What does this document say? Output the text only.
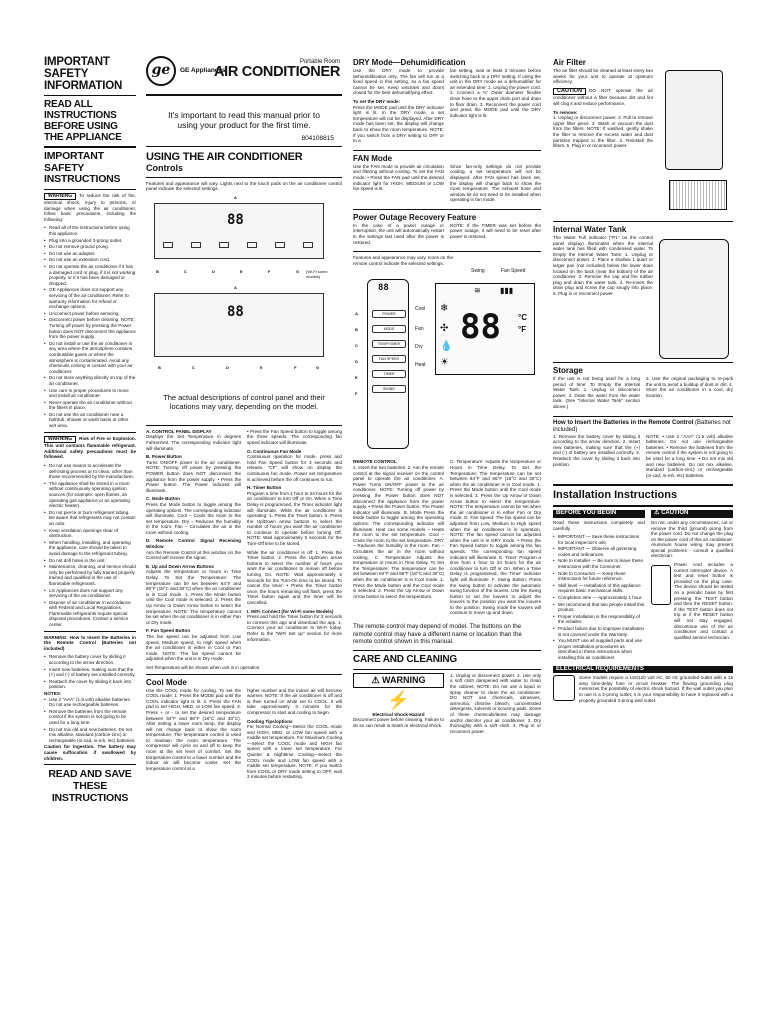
IMPORTANT SAFETY INFORMATION
READ ALL INSTRUCTIONS BEFORE USING THE APPLIANCE
IMPORTANT SAFETY INSTRUCTIONS
WARNING To reduce the risk of fire, electrical shock, injury to persons, or damage when using the air conditioner, follow basic precautions, including the following:
• Read all of the instructions before using this appliance.
• Plug into a grounded 3-prong outlet.
• Do not remove ground prong.
• Do not use an adapter.
• Do not use an extension cord.
• Do not operate the air conditioner if it has a damaged cord or plug, if it is not working properly, or if it has been damaged or dropped.
• GE Appliances does not support any servicing of the air conditioner. Refer to warranty information for refund or exchange options.
• Unconnect power before servicing.
• Disconnect power before cleaning. NOTE: Turning off power by pressing the Power button does NOT disconnect the appliance from the power supply.
• Do not install or use the air conditioner in any area where the atmosphere contains combustible gases or where the atmosphere is contaminated. Avoid any chemicals coming in contact with your air conditioner.
• Do not store anything directly on top of the air conditioner.
• Use care in proper procedures to move and install air conditioner.
• Never operate the air conditioner without the filters in place.
• Do not use the air conditioner near a bathtub, shower or wash basin or other wet area.
WARNING Risk of Fire or Explosion. This unit contains flammable refrigerant. Additional safety precautions must be followed.
• Do not use means to accelerate the defrosting process or to clean, other than those recommended by the manufacturer.
• The appliance shall be stored in a room without continuously operating ignition sources (for example: open flames, an operating gas appliance or an operating electric heater).
• Do not pierce or burn refrigerant tubing. Be aware that refrigerants may not contain an odor.
• Keep ventilation openings clear of obstruction.
• When handling, installing, and operating the appliance, care should be taken to avoid damage to the refrigerant tubing.
• Do not drill holes in the unit.
• Maintenance, cleaning, and service should only be performed by fully trained properly trained and qualified in the use of flammable refrigerants.
• LG Appliances does not support any servicing of the air conditioner.
• Dispose of air conditioner in accordance with Federal and Local Regulations. Flammable refrigerants require special disposal procedures. Contact a service center.
WARNING: How to Insert the Batteries in the Remote Control (Batteries not included)
• Remove the battery cover by sliding it according to the arrow direction.
• Insert new batteries, making sure that the (+) and (-) of battery are installed correctly.
• Reattach the cover by sliding it back into position.
NOTES:
• Use 2 "AAA" (1.5 volt) alkaline batteries. Do not use rechargeable batteries.
• Remove the batteries from the remote control if the system is not going to be used for a long time.
• Do not mix old and new batteries. Do not mix alkaline, standard (carbon-zinc) or rechargeable (ni-cad, ni-mh, etc) batteries.
Caution for Ingestion. The battery may cause suffocation if swallowed by children.
READ AND SAVE THESE INSTRUCTIONS
ge	GE Appliances
Portable Room
AIR CONDITIONER
It's important to read this manual prior to using your product for the first time.
804108815
USING THE AIR CONDITIONER
Controls
Features and appearance will vary. Lights next to the touch pads on the air conditioner control panel indicate the selected settings.
A
88
B	C	D	E	F	G (Wi-Fi some models)
A
88
B	C	D	E	F	G
The actual descriptions of control panel and their locations may vary, depending on the model.
A. CONTROL PANEL DISPLAY
Displays the Set Temperature in degrees Fahrenheit. The corresponding indicator light will illuminate.
B. Power Button
Turns ON/OFF power to the air conditioner. NOTE: Turning off power by pressing the POWER button does NOT disconnect the appliance from the power supply. • Press the Power button. The Power indicator will illuminate.
C. Mode Button
Press the Mode button to toggle among the operating options. The corresponding indicator will illuminate. Cool – Cools the room to the set temperature. Dry – Reduces the humidity in the room. Fan – Circulates the air in the room without cooling.
D. Remote Control Signal Receiving Window
Aim the Remote Control at this window on the Control will receive the signal.
E. Up and Down Arrow Buttons
Adjusts the temperature or hours in Time Delay. To Set the Temperature: The temperature can be set between 64°F and 86°F (18°C and 30°C) when the air conditioner is in Cool mode. 1. Press the Mode button until the Cool mode is selected. 2. Press the Up Arrow or Down Arrow button to select the temperature. NOTE: The temperature cannot be set when the air conditioner is in either Fan or Dry mode.
F. Fan Speed Button
The fan speed can be adjusted from Low speed, Medium speed, to High speed when the air conditioner is either in Cool or Fan mode. NOTE: The fan speed cannot be adjusted when the unit is in Dry mode.
• Press the Fan Speed button to toggle among the three speeds. The corresponding fan speed indicator will illuminate.
G. Continuous Fan Mode
Continuous operation for mode, press and hold Fan Speed button for 3 seconds and release. "CF" will show on display the continuous fan mode. Power set temperature is achieved before the off continues to run.
H. Timer Button
Program a time from 1 hour to 24 hours for the air conditioner to turn Off or On. When a Time Delay is programmed, the Timer indicator light will illuminate. While the air conditioner is operating: 1. Press the Timer button. 2. Press the Up/Down arrow buttons to select the number of hours you want the air conditioner to continue to operate before turning Off. NOTE: Wait approximately 5 seconds for the Turn-Off time to be stored.
While the air conditioner is off: 1. Press the Timer button. 2. Press the Up/Down arrow buttons to select the number of hours you want the air conditioner to remain off before turning On. NOTE: Wait approximately 5 seconds for the Turn-On time to be stored. To cancel the timer: • Press the Timer button once, the hours remaining will flash, press the Timer button again and the timer will be cancelled.
I. WiFi Connect (for Wi-Fi some Models)
Press and hold the Timer button for 3 seconds to connect this app and download the app. 1. Connect your air conditioner to Wi-Fi today. Refer to the "WiFi Set up" section for more information.
Set Temperature will be shown when unit is in operation.
Cool Mode
Use the COOL mode for cooling. To set the COOL mode: 1. Press the MODE pad until the COOL indicator light is lit. 2. Press the FAN pad to set HIGH, MED, or LOW fan speed. 3. Press + or - to set the desired temperature between 64°F and 86°F (18°C and 30°C). After setting a lower room temp, the display will not change back to show the room temperature. The temperature control is used to maintain the room temperature. The compressor will cycle on and off to keep the room at the set level of comfort. Set the temperature control to a lower number and the indoor air will become cooler. Set the temperature control at a
higher number and the indoor air will become warmer. NOTE: If the air conditioner is off and is then turned on while set to COOL, it will take approximately 3 minutes for the compressor to start and cooling to begin.
Cooling Tips/options
For Normal Cooling—Select the COOL mode and HIGH, MED, or LOW fan speed with a middle set temperature. For Maximum Cooling—Select the COOL mode and HIGH fan speed with a lower set temperature. For Quieter & Nighttime Cooling—Select the COOL mode and LOW fan speed with a middle set temperature. NOTE: If you switch from COOL or DRY mode setting to OFF, wait 3 minutes before restarting.
DRY Mode—Dehumidification
Use the DRY mode to provide dehumidification only. The fan will run at a fixed speed in this setting, so a fan speed cannot be set. Keep windows and doors closed for the best dehumidifying effect.
To set the DRY mode:
Press the MODE pad until the DRY indicator light is lit. In the DRY mode, a set temperature will not be displayed. After DRY mode has been set, the display will change back to show the room temperature. NOTE: If you switch from a DRY setting to OFF or to a
fan setting, wait at least 3 minutes before switching back to a DRY setting. If using the unit in the DRY mode as a dehumidifier for an extended time: 1. Unplug the power cord. 2. Connect a ¾" Outer diameter flexible drain hose to the upper drain port and drain to floor drain. 3. Reconnect the power cord and press the MODE pad until the DRY indicator light is lit.
FAN Mode
Use the FAN mode to provide air circulation and filtering without cooling. To set the FAN mode: • Press the FAN pad until the desired indicator light for HIGH, MEDIUM or LOW fan speed is lit.
Since fan-only settings do not provide cooling, a set temperature will not be displayed. After FAN speed has been set, the display will change back to show the room temperature. The exhaust hose and window kit do not need to be installed when operating in fan mode.
Power Outage Recovery Feature
In the case of a power outage or interruption, the unit will automatically restart in the settings last used after the power is restored.
NOTE: If the TIMER was set before the power outage, it will need to be reset after power is restored.
Features and appearance may vary. Icons on the remote control indicate the selected settings.
Swing	Fan Speed
88
POWER
MODE
TEMP/TIMER
FAN SPEED
TIMER
SWING
A
B
C
D
E
F
≋ ▮▮▮
❄
✣
💧
☀
88 °C
°F
Cool
Fan
Dry
Heat
REMOTE CONTROL
1. Insert the two batteries. 2. Aim the remote control at the signal receiver on the control panel to operate the air conditioner. A. Power Turns ON/OFF power to the air conditioner. NOTE: Turning off power by pressing the Power button does NOT disconnect the appliance from the power supply. • Press the Power button. The Power indicator will illuminate. B. Mode Press the Mode button to toggle among the operating options. The corresponding indicator will illuminate. Heat can some models – Heats the room to the set temperature. Cool – Cools the room to the set temperature. DRY – Reduces the humidity in the room. Fan – Circulates the air in the room without cooling. C. Temperature Adjusts the temperature or Hours in Time Delay. To Set the Temperature: The temperature can be set between 64°F and 86°F (18°C and 30°C) when the air conditioner is in Cool mode. 1. Press the Mode button until the Cool mode is selected. 2. Press the Up Arrow or Down Arrow button to select the temperature.
C. Temperature: Adjusts the temperature or Hours in Time Delay. To Set the Temperature: The temperature can be set between 64°F and 86°F (18°C and 30°C) when the air conditioner is in Cool mode. 1. Press the Mode button until the Cool mode is selected. 2. Press the Up Arrow or Down Arrow button to select the temperature. NOTE: The temperature cannot be set when the air conditioner is in either Fan or Dry mode. D. Fan Speed: The fan speed can be adjusted from Low, Medium to High speed when the air conditioner is in operation. NOTE: The fan speed cannot be adjusted when the unit is in DRY mode. • Press the Fan Speed button to toggle among the fan speeds. The corresponding fan speed indicator will illuminate. E. Timer: Program a time from 1 hour to 24 hours for the air conditioner to turn Off or On. When a Time Delay is programmed, the Timer indicator light will illuminate. F. Swing Button: Press the swing button to activate the automatic swing function of the louvers. Use the Swing button to set the louvers to adjust the louvers to the position you want the louvers to the position. Swing mode the louvers will continue to move up and down.
The remote control may depend of model. The buttons on the remote control may have a different name or location than the remote control shown in this manual.
CARE AND CLEANING
⚠ WARNING
⚡
Electrical Shock Hazard
Disconnect power before cleaning. Failure to do so can result in death or electrical shock.
1. Unplug or disconnect power. 2. Use only a soft cloth dampened with water to clean the cabinet. NOTE: Do not use a liquid or spray cleaner to clean the air conditioner. DO NOT use chemicals, abrasives, ammonia, chlorine bleach, concentrated detergents, solvents or scouring pads. Some of these chemicals/items may damage and/or discolor your air conditioner. 3. Dry thoroughly with a soft cloth. 4. Plug in or reconnect power.
Air Filter
The air filter should be cleaned at least every two weeks for your unit to operate at optimum efficiency.
CAUTION DO NOT operate the air conditioner without a filter because dirt and lint will clog it and reduce performance.
To remove:
1. Unplug or disconnect power. 2. Pull to remove upper filter piece. 3. Wash or vacuum the dust from the filters. NOTE: If washed, gently shake the filter to remove the excess water and dust particles trapped in the filter. 4. Reinstall the filters. 5. Plug in or reconnect power.
Internal Water Tank
The Water Full indicator ("P1" on the control panel display) illuminates when the internal water tank has filled with condensed water. To Empty the Internal Water Tank: 1. Unplug or disconnect power. 2. Place a shallow 1 quart or larger pan (not included) below the lower drain located on the back (near the bottom) of the air conditioner. 3. Remove the cap and the rubber plug and drain the water tank. 4. Re-insert the drain plug and screw the cap snugly into place. 5. Plug in or reconnect power.
Storage
If the unit is not being used for a long period of time: To Empty the Internal Water Tank: 1. Unplug or disconnect power. 2. Drain the water from the water tank. (See "Internal Water Tank" section above.)
3. Use the original packaging to re-pack the unit to avoid a buildup of dust or dirt. 4. Store the air conditioner in a cool, dry location.
How to Insert the Batteries in the Remote Control (Batteries not included)
1. Remove the battery cover by sliding it according to the arrow direction. 2. Insert new batteries, making sure that the (+) and (-) of battery are installed correctly. 3. Reattach the cover by sliding it back into position.
NOTE: • Use 2 "AAA" (1.5 volt) alkaline batteries. Do not use rechargeable batteries. • Remove the batteries from the remote control if the system is not going to be used for a long time. • Do not mix old and new batteries. Do not mix alkaline, standard (carbon-zinc) or rechargeable (ni-cad, ni-mh, etc) batteries.
Installation Instructions
BEFORE YOU BEGIN
Read these instructions completely and carefully.
• IMPORTANT — Save these instructions for local inspector's use.
• IMPORTANT — Observe all governing codes and ordinances.
• Note to Installer — Be sure to leave these instructions with the Consumer.
• Note to Consumer — Keep these instructions for future reference.
• Skill level — Installation of this appliance requires basic mechanical skills.
• Completion time — Approximately 1 hour.
• We recommend that two people install this product.
• Proper installation is the responsibility of the installer.
• Product failure due to improper installation is not covered under the Warranty.
• You MUST use all supplied parts and use proper installation procedures as described in these instructions when installing this air conditioner.
⚠ CAUTION
Do not, under any circumstances, cut or remove the third (ground) prong from the power cord. Do not change the plug on the power cord of this air conditioner. Aluminum house wiring may present special problems - consult a qualified electrician.
Power cord includes a current interrupter device. A test and reset button is provided on the plug case. The device should be tested on a periodic basis by first pressing the TEST button and then the RESET button. If the TEST button does not trip or if the RESET button will not stay engaged, discontinue use of the air conditioner and contact a qualified service technician.
ELECTRICAL REQUIREMENTS
Some models require a 115/120 volt AC, 60 Hz grounded outlet with a 15 amp time-delay fuse or circuit breaker. The flowing grounding plug minimizes the possibility of electric shock hazard. If the wall outlet you plan to use is a 2-prong outlet, it is your responsibility to have it replaced with a properly grounded 3-prong wall outlet.
